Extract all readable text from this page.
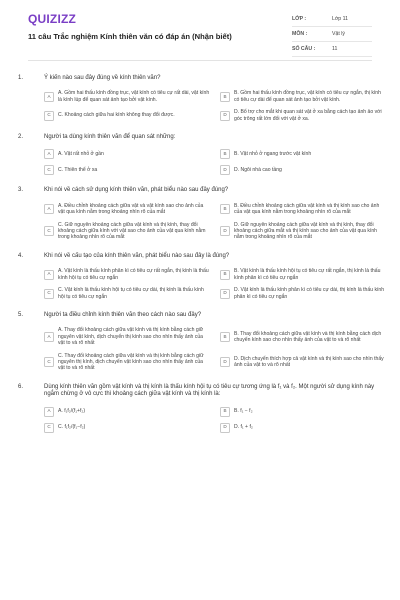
QUIZIZZ
11 câu Trắc nghiệm Kính thiên văn có đáp án (Nhận biết)
LỚP :	Lớp 11
MÔN :	Vật lý
SỐ CÂU :	11
1.	Ý kiến nào sau đây đúng về kính thiên văn?
A	A. Gồm hai thấu kính đồng trục, vật kính có tiêu cự rất dài, vật kính là kính lúp để quan sát ảnh tạo bởi vật kính.
B	B. Gồm hai thấu kính đồng trục, vật kính có tiêu cự ngắn, thị kính có tiêu cự dài để quan sát ảnh tạo bởi vật kính.
C	C. Khoảng cách giữa hai kính không thay đổi được.	D	D. Bổ trợ cho mắt khi quan sát vật ở xa bằng cách tạo ảnh ảo với góc trông rất lớn đối với vật ở xa.
2.	Người ta dùng kính thiên văn để quan sát những:
A	A. Vật rất nhỏ ở gần	B	B. Vật nhỏ ở ngang trước vật kính
C	C. Thiên thể ở xa	D	D. Ngôi nhà cao tầng
3.	Khi nói về cách sử dụng kính thiên văn, phát biểu nào sau đây đúng?
A	A. Điều chỉnh khoảng cách giữa vật và vật kính sao cho ảnh của vật qua kính nằm trong khoảng nhìn rõ của mắt
B	B. Điều chỉnh khoảng cách giữa vật kính và thị kính sao cho ảnh của vật qua kính nằm trong khoảng nhìn rõ của mắt
C
C. Giữ nguyên khoảng cách giữa vật kính và thị kính, thay đổi khoảng cách giữa kính với vật sao cho ảnh của vật qua kính nằm trong khoảng nhìn rõ của mắt
D
D. Giữ nguyên khoảng cách giữa vật kính và thị kính, thay đổi khoảng cách giữa mắt và thị kính sao cho ảnh của vật qua kính nằm trong khoảng nhìn rõ của mắt
4.	Khi nói về cấu tạo của kính thiên văn, phát biểu nào sau đây là đúng?
A	A. Vật kính là thấu kính phân kì có tiêu cự rất ngắn, thị kính là thấu kính hội tụ có tiêu cự ngắn
B	B. Vật kính là thấu kính hội tụ có tiêu cự rất ngắn, thị kính là thấu kính phân kì có tiêu cự ngắn
C	C. Vật kính là thấu kính hội tụ có tiêu cự dài, thị kính là thấu kính hội tụ có tiêu cự ngắn
D	D. Vật kính là thấu kính phân kì có tiêu cự dài, thị kính là thấu kính phân kì có tiêu cự ngắn
5.	Người ta điều chỉnh kính thiên văn theo cách nào sau đây?
A
A. Thay đổi khoảng cách giữa vật kính và thị kính bằng cách giữ nguyên vật kính, dịch chuyển thị kính sao cho nhìn thấy ảnh của vật to và rõ nhất
B	B. Thay đổi khoảng cách giữa vật kính và thị kính bằng cách dịch chuyển kính sao cho nhìn thấy ảnh của vật to và rõ nhất
C
C. Thay đổi khoảng cách giữa vật kính và thị kính bằng cách giữ nguyên thị kính, dịch chuyển vật kính sao cho nhìn thấy ảnh của vật to và rõ nhất
D	D. Dịch chuyển thích hợp cả vật kính và thị kính sao cho nhìn thấy ảnh của vật to và rõ nhất
6.	Dùng kính thiên văn gồm vật kính và thị kính là thấu kính hội tụ có tiêu cự tương ứng là f₁ và f₂. Một người sử dụng kính này ngắm chừng ở vô cực thì khoảng cách giữa vật kính và thị kính là:
A	A. f₁f₂/(f₁+f₂)	B	B. f₁ − f₂
C	C. f₁f₂/(f₁−f₂)	D	D. f₁ + f₂
